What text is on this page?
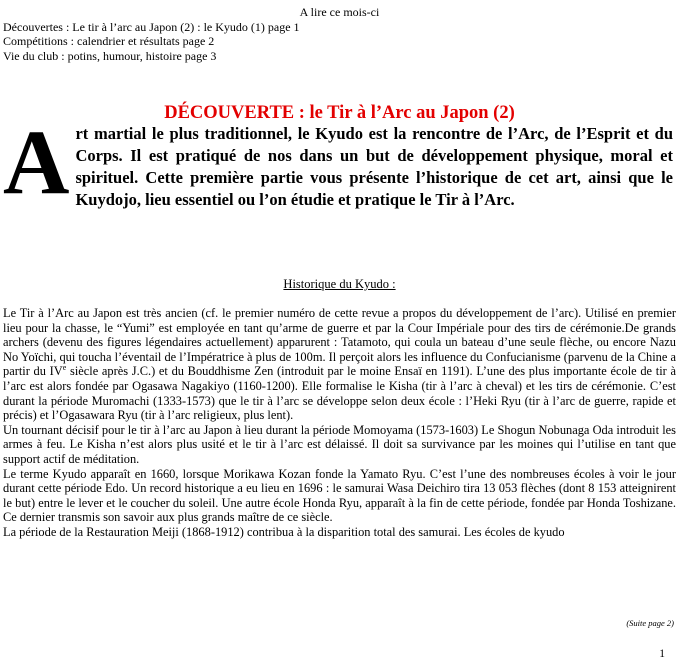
A lire ce mois-ci
Découvertes : Le tir à l’arc au Japon (2) : le Kyudo (1) page 1
Compétitions : calendrier et résultats page 2
Vie du club : potins, humour, histoire page 3
DÉCOUVERTE : le Tir à l’Arc au Japon (2)
A rt martial le plus traditionnel, le Kyudo est la rencontre de l’Arc, de l’Esprit et du Corps. Il est pratiqué de nos dans un but de développement physique, moral et spirituel. Cette première partie vous présente l’historique de cet art, ainsi que le Kuydojo, lieu essentiel ou l’on étudie et pratique le Tir à l’Arc.

Historique du Kyudo :

Le Tir à l’Arc au Japon est très ancien (cf. le premier numéro de cette revue a propos du développement de l’arc). Utilisé en premier lieu pour la chasse, le “Yumi” est employée en tant qu’arme de guerre et par la Cour Impériale pour des tirs de cérémonie.De grands archers (devenu des figures légendaires actuellement) apparurent : Tatamoto, qui coula un bateau d’une seule flèche, ou encore Nazu No Yoïchi, qui toucha l’éventail de l’Impératrice à plus de 100m. Il perçoit alors les influence du Confucianisme (parvenu de la Chine a partir du IVe siècle après J.C.) et du Bouddhisme Zen (introduit par le moine Ensaï en 1191). L’une des plus importante école de tir à l’arc est alors fondée par Ogasawa Nagakiyo (1160-1200). Elle formalise le Kisha (tir à l’arc à cheval) et les tirs de cérémonie. C’est durant la période Muromachi (1333-1573) que le tir à l’arc se développe selon deux école : l’Heki Ryu (tir à l’arc de guerre, rapide et précis) et l’Ogasawara Ryu (tir à l’arc religieux, plus lent).

Un tournant décisif pour le tir à l’arc au Japon à lieu durant la période Momoyama (1573-1603) Le Shogun Nobunaga Oda introduit les armes à feu. Le Kisha n’est alors plus usité et le tir à l’arc est délaissé. Il doit sa survivance par les moines qui l’utilise en tant que support actif de méditation.

Le terme Kyudo apparaît en 1660, lorsque Morikawa Kozan fonde la Yamato Ryu. C’est l’une des nombreuses écoles à voir le jour durant cette période Edo. Un record historique a eu lieu en 1696 : le samurai Wasa Deichiro tira 13 053 flèches (dont 8 153 atteignirent le but) entre le lever et le coucher du soleil. Une autre école Honda Ryu, apparaît à la fin de cette période, fondée par Honda Toshizane. Ce dernier transmis son savoir aux plus grands maître de ce siècle.

La période de la Restauration Meiji (1868-1912) contribua à la disparition total des samurai. Les écoles de kyudo

(Suite page 2)
1
